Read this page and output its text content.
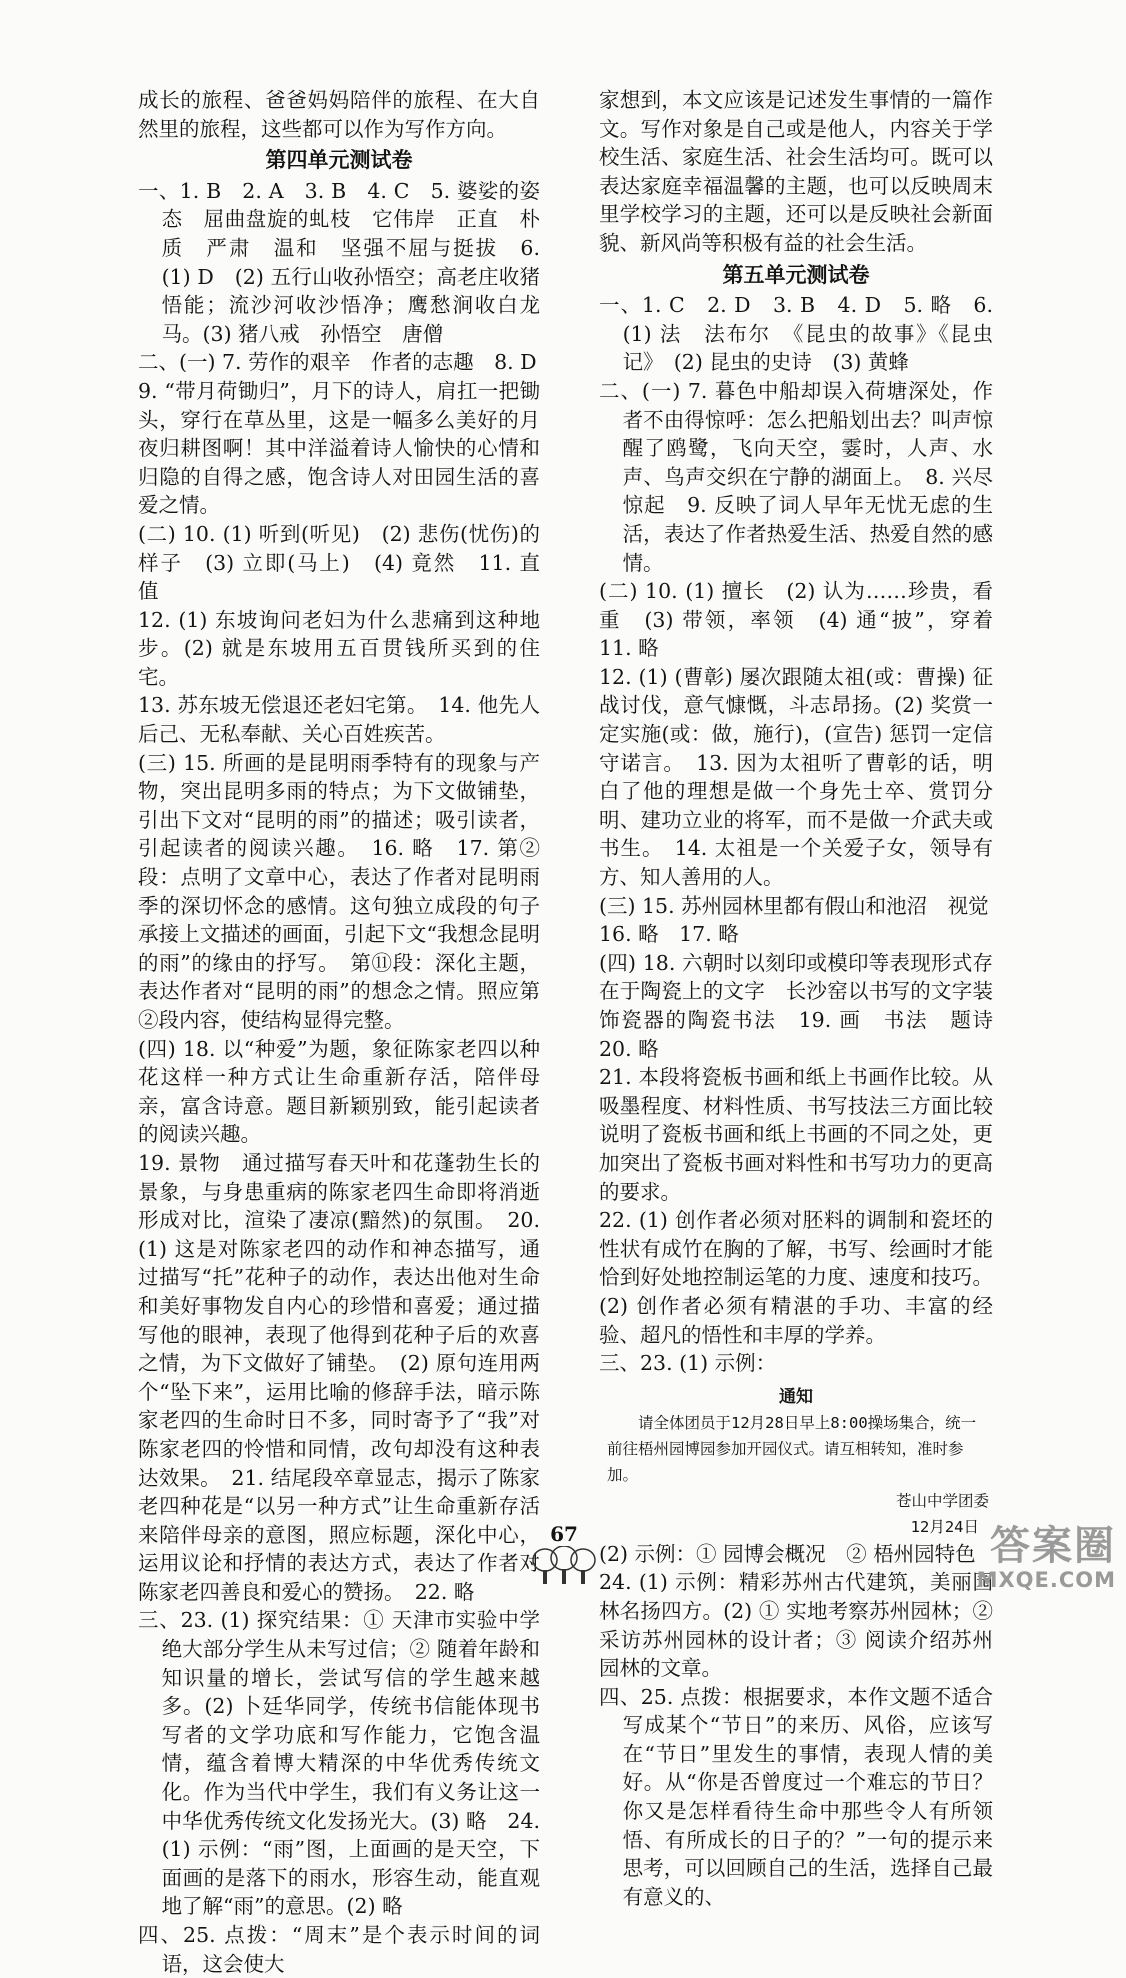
成长的旅程、爸爸妈妈陪伴的旅程、在大自然里的旅程，这些都可以作为写作方向。

第四单元测试卷

一、1. B　2. A　3. B　4. C　5. 婆娑的姿态　屈曲盘旋的虬枝　它伟岸　正直　朴质　严肃　温和　坚强不屈与挺拔　6. (1) D　(2) 五行山收孙悟空；高老庄收猪悟能；流沙河收沙悟净；鹰愁涧收白龙马。(3) 猪八戒　孙悟空　唐僧

二、(一) 7. 劳作的艰辛　作者的志趣　8. D

9. “带月荷锄归”，月下的诗人，肩扛一把锄头，穿行在草丛里，这是一幅多么美好的月夜归耕图啊！其中洋溢着诗人愉快的心情和归隐的自得之感，饱含诗人对田园生活的喜爱之情。

(二) 10. (1) 听到(听见)　(2) 悲伤(忧伤)的样子　(3) 立即(马上)　(4) 竟然　11. 直　值

12. (1) 东坡询问老妇为什么悲痛到这种地步。(2) 就是东坡用五百贯钱所买到的住宅。

13. 苏东坡无偿退还老妇宅第。　14. 他先人后己、无私奉献、关心百姓疾苦。

(三) 15. 所画的是昆明雨季特有的现象与产物，突出昆明多雨的特点；为下文做铺垫，引出下文对“昆明的雨”的描述；吸引读者，引起读者的阅读兴趣。　16. 略　17. 第②段：点明了文章中心，表达了作者对昆明雨季的深切怀念的感情。这句独立成段的句子承接上文描述的画面，引起下文“我想念昆明的雨”的缘由的抒写。　第⑪段：深化主题，表达作者对“昆明的雨”的想念之情。照应第②段内容，使结构显得完整。

(四) 18. 以“种爱”为题，象征陈家老四以种花这样一种方式让生命重新存活，陪伴母亲，富含诗意。题目新颖别致，能引起读者的阅读兴趣。

19. 景物　通过描写春天叶和花蓬勃生长的景象，与身患重病的陈家老四生命即将消逝形成对比，渲染了凄凉(黯然)的氛围。　20. (1) 这是对陈家老四的动作和神态描写，通过描写“托”花种子的动作，表达出他对生命和美好事物发自内心的珍惜和喜爱；通过描写他的眼神，表现了他得到花种子后的欢喜之情，为下文做好了铺垫。　(2) 原句连用两个“坠下来”，运用比喻的修辞手法，暗示陈家老四的生命时日不多，同时寄予了“我”对陈家老四的怜惜和同情，改句却没有这种表达效果。　21. 结尾段卒章显志，揭示了陈家老四种花是“以另一种方式”让生命重新存活来陪伴母亲的意图，照应标题，深化中心，运用议论和抒情的表达方式，表达了作者对陈家老四善良和爱心的赞扬。　22. 略

三、23. (1) 探究结果：① 天津市实验中学绝大部分学生从未写过信；② 随着年龄和知识量的增长，尝试写信的学生越来越多。(2) 卜廷华同学，传统书信能体现书写者的文学功底和写作能力，它饱含温情，蕴含着博大精深的中华优秀传统文化。作为当代中学生，我们有义务让这一中华优秀传统文化发扬光大。(3) 略　24. (1) 示例：“雨”图，上面画的是天空，下面画的是落下的雨水，形容生动，能直观地了解“雨”的意思。(2) 略

四、25. 点拨：“周末”是个表示时间的词语，这会使大

家想到，本文应该是记述发生事情的一篇作文。写作对象是自己或是他人，内容关于学校生活、家庭生活、社会生活均可。既可以表达家庭幸福温馨的主题，也可以反映周末里学校学习的主题，还可以是反映社会新面貌、新风尚等积极有益的社会生活。

第五单元测试卷

一、1. C　2. D　3. B　4. D　5. 略　6. (1) 法　法布尔　《昆虫的故事》《昆虫记》　(2) 昆虫的史诗　(3) 黄蜂

二、(一) 7. 暮色中船却误入荷塘深处，作者不由得惊呼：怎么把船划出去？叫声惊醒了鸥鹭，飞向天空，霎时，人声、水声、鸟声交织在宁静的湖面上。　8. 兴尽　惊起　9. 反映了词人早年无忧无虑的生活，表达了作者热爱生活、热爱自然的感情。

(二) 10. (1) 擅长　(2) 认为……珍贵，看重　(3) 带领，率领　(4) 通“披”，穿着　11. 略

12. (1) (曹彰) 屡次跟随太祖(或：曹操) 征战讨伐，意气慷慨，斗志昂扬。(2) 奖赏一定实施(或：做，施行)，(宣告) 惩罚一定信守诺言。　13. 因为太祖听了曹彰的话，明白了他的理想是做一个身先士卒、赏罚分明、建功立业的将军，而不是做一介武夫或书生。　14. 太祖是一个关爱子女，领导有方、知人善用的人。

(三) 15. 苏州园林里都有假山和池沼　视觉

16. 略　17. 略

(四) 18. 六朝时以刻印或模印等表现形式存在于陶瓷上的文字　长沙窑以书写的文字装饰瓷器的陶瓷书法　19. 画　书法　题诗　20. 略

21. 本段将瓷板书画和纸上书画作比较。从吸墨程度、材料性质、书写技法三方面比较说明了瓷板书画和纸上书画的不同之处，更加突出了瓷板书画对料性和书写功力的更高的要求。

22. (1) 创作者必须对胚料的调制和瓷坯的性状有成竹在胸的了解，书写、绘画时才能恰到好处地控制运笔的力度、速度和技巧。(2) 创作者必须有精湛的手功、丰富的经验、超凡的悟性和丰厚的学养。

三、23. (1) 示例：

通知

请全体团员于12月28日早上8:00操场集合，统一前往梧州园博园参加开园仪式。请互相转知，准时参加。

苍山中学团委
12月24日

(2) 示例：① 园博会概况　② 梧州园特色

24. (1) 示例：精彩苏州古代建筑，美丽园林名扬四方。(2) ① 实地考察苏州园林；② 采访苏州园林的设计者；③ 阅读介绍苏州园林的文章。

四、25. 点拨：根据要求，本作文题不适合写成某个“节日”的来历、风俗，应该写在“节日”里发生的事情，表现人情的美好。从“你是否曾度过一个难忘的节日？你又是怎样看待生命中那些令人有所领悟、有所成长的日子的？”一句的提示来思考，可以回顾自己的生活，选择自己最有意义的、

67	答案圈
MXQE.COM
